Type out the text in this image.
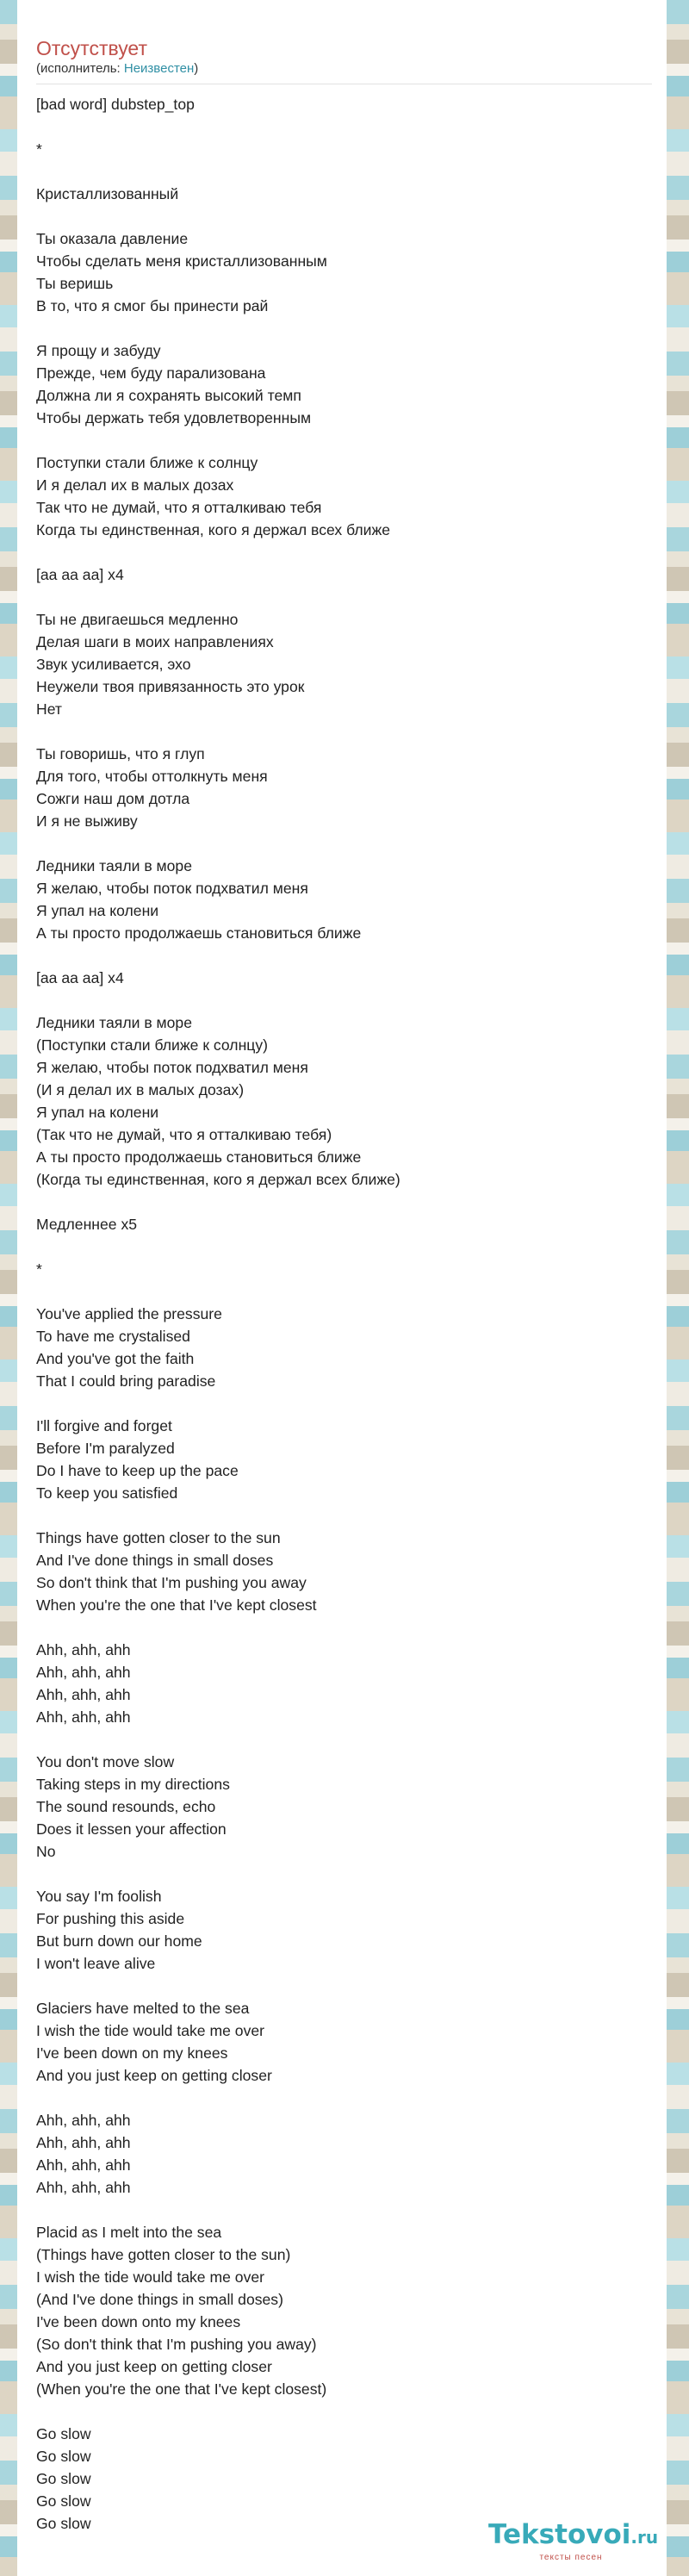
Отсутствует
(исполнитель: Неизвестен)
[bad word] dubstep_top

*

Кристаллизованный

Ты оказала давление
Чтобы сделать меня кристаллизованным
Ты веришь
В то, что я смог бы принести рай

Я прощу и забуду
Прежде, чем буду парализована
Должна ли я сохранять высокий темп
Чтобы держать тебя удовлетворенным

Поступки стали ближе к солнцу
И я делал их в малых дозах
Так что не думай, что я отталкиваю тебя
Когда ты единственная, кого я держал всех ближе

[аа аа аа] x4

Ты не двигаешься медленно
Делая шаги в моих направлениях
Звук усиливается, эхо
Неужели твоя привязанность это урок
Нет

Ты говоришь, что я глуп
Для того, чтобы оттолкнуть меня
Сожги наш дом дотла
И я не выживу

Ледники таяли в море
Я желаю, чтобы поток подхватил меня
Я упал на колени
А ты просто продолжаешь становиться ближе

[аа аа аа] x4

Ледники таяли в море
(Поступки стали ближе к солнцу)
Я желаю, чтобы поток подхватил меня
(И я делал их в малых дозах)
Я упал на колени
(Так что не думай, что я отталкиваю тебя)
А ты просто продолжаешь становиться ближе
(Когда ты единственная, кого я держал всех ближе)

Медленнее x5

*

You've applied the pressure
To have me crystalised
And you've got the faith
That I could bring paradise

I'll forgive and forget
Before I'm paralyzed
Do I have to keep up the pace
To keep you satisfied

Things have gotten closer to the sun
And I've done things in small doses
So don't think that I'm pushing you away
When you're the one that I've kept closest

Ahh, ahh, ahh
Ahh, ahh, ahh
Ahh, ahh, ahh
Ahh, ahh, ahh

You don't move slow
Taking steps in my directions
The sound resounds, echo
Does it lessen your affection
No

You say I'm foolish
For pushing this aside
But burn down our home
I won't leave alive

Glaciers have melted to the sea
I wish the tide would take me over
I've been down on my knees
And you just keep on getting closer

Ahh, ahh, ahh
Ahh, ahh, ahh
Ahh, ahh, ahh
Ahh, ahh, ahh

Placid as I melt into the sea
(Things have gotten closer to the sun)
I wish the tide would take me over
(And I've done things in small doses)
I've been down onto my knees
(So don't think that I'm pushing you away)
And you just keep on getting closer
(When you're the one that I've kept closest)

Go slow
Go slow
Go slow
Go slow
Go slow	Tekstovoi.ru
тексты песен
